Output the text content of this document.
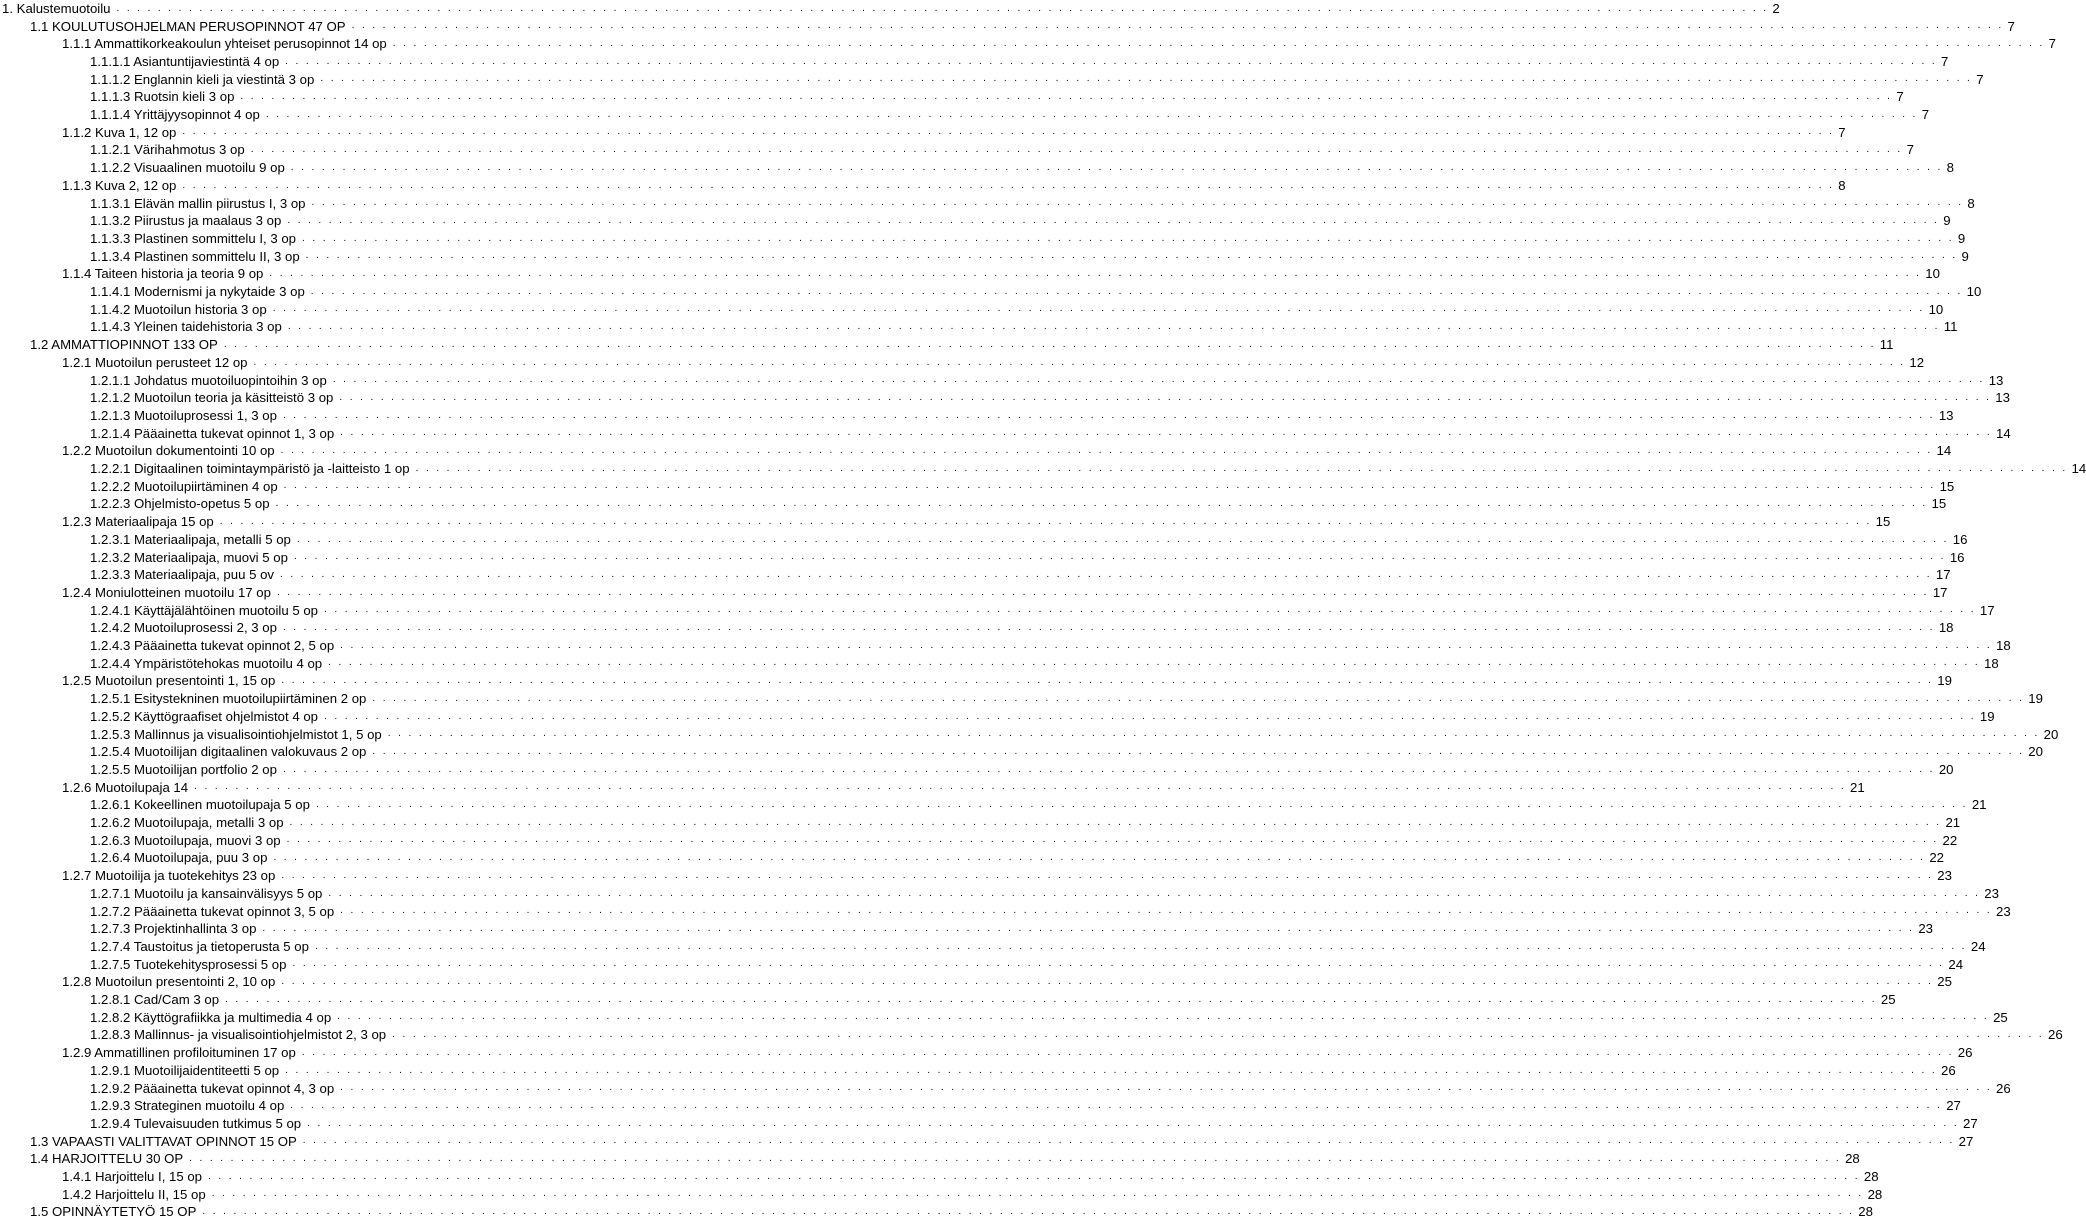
1. Kalustemuotoilu . . . . . . . . . . . . . . . . . . . . . . . . . . . . . . . . . . . . . . . . . . . . . . . . . . . . . . . . . . . . . . . . . . . . . . . . . . . . . . . . . . . . . . . . . . . . . . . . . . . . . . . . . . . . . . . . . . . . . . . . . . . . . . . . . . . . . . . . . . . . . . . . . . . . . . . . . . . . . . . . 2
1.1 KOULUTUSOHJELMAN PERUSOPINNOT 47 OP . . . . . . . . . . . . . . . . . . . . . . . . . . . . . . . . . . . . . . . . . . . . . . . . . . . . . . . . . . . . . . . . . . . . . . . . . . . . . . . . . . . . . . . . . . . . . . . . . . . . . . . . . . . . . . . . . . . . . . . . . . . . . . . . . . . . . . . . . . . . . . . . . . . . . . . . . . . . . . . . 7
1.1.1 Ammattikorkeakoulun yhteiset perusopinnot 14 op . . . . . . . . . . . . . . . . . . . . . . . . . . . . . . . . . . . . . . . . . . . . . . . . . . . . . . . . . . . . . . . . . . . . . . . . . . . . . . . . . . . . . . . . . . . . . . . . . . . . . . . . . . . . . . . . . . . . . . . . . . . . . . . . . . . . . . . . . . . . . . . . . . . . . . . . . . . . . . . . 7
1.1.1.1 Asiantuntijaviestintä 4 op . . . . . . . . . . . . . . . . . . . . . . . . . . . . . . . . . . . . . . . . . . . . . . . . . . . . . . . . . . . . . . . . . . . . . . . . . . . . . . . . . . . . . . . . . . . . . . . . . . . . . . . . . . . . . . . . . . . . . . . . . . . . . . . . . . . . . . . . . . . . . . . . . . . . . . . . . . . . . . . . 7
1.1.1.2 Englannin kieli ja viestintä 3 op . . . . . . . . . . . . . . . . . . . . . . . . . . . . . . . . . . . . . . . . . . . . . . . . . . . . . . . . . . . . . . . . . . . . . . . . . . . . . . . . . . . . . . . . . . . . . . . . . . . . . . . . . . . . . . . . . . . . . . . . . . . . . . . . . . . . . . . . . . . . . . . . . . . . . . . . . . . . . . . . 7
1.1.1.3 Ruotsin kieli 3 op . . . . . . . . . . . . . . . . . . . . . . . . . . . . . . . . . . . . . . . . . . . . . . . . . . . . . . . . . . . . . . . . . . . . . . . . . . . . . . . . . . . . . . . . . . . . . . . . . . . . . . . . . . . . . . . . . . . . . . . . . . . . . . . . . . . . . . . . . . . . . . . . . . . . . . . . . . . . . . . . 7
1.1.1.4 Yrittäjyysopinnot 4 op . . . . . . . . . . . . . . . . . . . . . . . . . . . . . . . . . . . . . . . . . . . . . . . . . . . . . . . . . . . . . . . . . . . . . . . . . . . . . . . . . . . . . . . . . . . . . . . . . . . . . . . . . . . . . . . . . . . . . . . . . . . . . . . . . . . . . . . . . . . . . . . . . . . . . . . . . . . . . . . . 7
1.1.2 Kuva 1, 12 op . . . . . . . . . . . . . . . . . . . . . . . . . . . . . . . . . . . . . . . . . . . . . . . . . . . . . . . . . . . . . . . . . . . . . . . . . . . . . . . . . . . . . . . . . . . . . . . . . . . . . . . . . . . . . . . . . . . . . . . . . . . . . . . . . . . . . . . . . . . . . . . . . . . . . . . . . . . . . . . . 7
1.1.2.1 Värihahmotus 3 op . . . . . . . . . . . . . . . . . . . . . . . . . . . . . . . . . . . . . . . . . . . . . . . . . . . . . . . . . . . . . . . . . . . . . . . . . . . . . . . . . . . . . . . . . . . . . . . . . . . . . . . . . . . . . . . . . . . . . . . . . . . . . . . . . . . . . . . . . . . . . . . . . . . . . . . . . . . . . . . . 7
1.1.2.2 Visuaalinen muotoilu 9 op . . . . . . . . . . . . . . . . . . . . . . . . . . . . . . . . . . . . . . . . . . . . . . . . . . . . . . . . . . . . . . . . . . . . . . . . . . . . . . . . . . . . . . . . . . . . . . . . . . . . . . . . . . . . . . . . . . . . . . . . . . . . . . . . . . . . . . . . . . . . . . . . . . . . . . . . . . . . . . . . 8
1.1.3 Kuva 2, 12 op . . . . . . . . . . . . . . . . . . . . . . . . . . . . . . . . . . . . . . . . . . . . . . . . . . . . . . . . . . . . . . . . . . . . . . . . . . . . . . . . . . . . . . . . . . . . . . . . . . . . . . . . . . . . . . . . . . . . . . . . . . . . . . . . . . . . . . . . . . . . . . . . . . . . . . . . . . . . . . . . 8
1.1.3.1 Elävän mallin piirustus I, 3 op . . . . . . . . . . . . . . . . . . . . . . . . . . . . . . . . . . . . . . . . . . . . . . . . . . . . . . . . . . . . . . . . . . . . . . . . . . . . . . . . . . . . . . . . . . . . . . . . . . . . . . . . . . . . . . . . . . . . . . . . . . . . . . . . . . . . . . . . . . . . . . . . . . . . . . . . . . . . . . . . 8
1.1.3.2 Piirustus ja maalaus 3 op . . . . . . . . . . . . . . . . . . . . . . . . . . . . . . . . . . . . . . . . . . . . . . . . . . . . . . . . . . . . . . . . . . . . . . . . . . . . . . . . . . . . . . . . . . . . . . . . . . . . . . . . . . . . . . . . . . . . . . . . . . . . . . . . . . . . . . . . . . . . . . . . . . . . . . . . . . . . . . . . 9
1.1.3.3 Plastinen sommittelu I, 3 op . . . . . . . . . . . . . . . . . . . . . . . . . . . . . . . . . . . . . . . . . . . . . . . . . . . . . . . . . . . . . . . . . . . . . . . . . . . . . . . . . . . . . . . . . . . . . . . . . . . . . . . . . . . . . . . . . . . . . . . . . . . . . . . . . . . . . . . . . . . . . . . . . . . . . . . . . . . . . . . . 9
1.1.3.4 Plastinen sommittelu II, 3 op . . . . . . . . . . . . . . . . . . . . . . . . . . . . . . . . . . . . . . . . . . . . . . . . . . . . . . . . . . . . . . . . . . . . . . . . . . . . . . . . . . . . . . . . . . . . . . . . . . . . . . . . . . . . . . . . . . . . . . . . . . . . . . . . . . . . . . . . . . . . . . . . . . . . . . . . . . . . . . . . 9
1.1.4 Taiteen historia ja teoria 9 op . . . . . . . . . . . . . . . . . . . . . . . . . . . . . . . . . . . . . . . . . . . . . . . . . . . . . . . . . . . . . . . . . . . . . . . . . . . . . . . . . . . . . . . . . . . . . . . . . . . . . . . . . . . . . . . . . . . . . . . . . . . . . . . . . . . . . . . . . . . . . . . . . . . . . . . . . . . . . . . . 10
1.1.4.1 Modernismi ja nykytaide 3 op . . . . . . . . . . . . . . . . . . . . . . . . . . . . . . . . . . . . . . . . . . . . . . . . . . . . . . . . . . . . . . . . . . . . . . . . . . . . . . . . . . . . . . . . . . . . . . . . . . . . . . . . . . . . . . . . . . . . . . . . . . . . . . . . . . . . . . . . . . . . . . . . . . . . . . . . . . . . . . . . 10
1.1.4.2 Muotoilun historia 3 op . . . . . . . . . . . . . . . . . . . . . . . . . . . . . . . . . . . . . . . . . . . . . . . . . . . . . . . . . . . . . . . . . . . . . . . . . . . . . . . . . . . . . . . . . . . . . . . . . . . . . . . . . . . . . . . . . . . . . . . . . . . . . . . . . . . . . . . . . . . . . . . . . . . . . . . . . . . . . . . . 10
1.1.4.3 Yleinen taidehistoria 3 op . . . . . . . . . . . . . . . . . . . . . . . . . . . . . . . . . . . . . . . . . . . . . . . . . . . . . . . . . . . . . . . . . . . . . . . . . . . . . . . . . . . . . . . . . . . . . . . . . . . . . . . . . . . . . . . . . . . . . . . . . . . . . . . . . . . . . . . . . . . . . . . . . . . . . . . . . . . . . . . . 11
1.2 AMMATTIOPINNOT 133 OP . . . . . . . . . . . . . . . . . . . . . . . . . . . . . . . . . . . . . . . . . . . . . . . . . . . . . . . . . . . . . . . . . . . . . . . . . . . . . . . . . . . . . . . . . . . . . . . . . . . . . . . . . . . . . . . . . . . . . . . . . . . . . . . . . . . . . . . . . . . . . . . . . . . . . . . . . . . . . . . . 11
1.2.1 Muotoilun perusteet 12 op . . . . . . . . . . . . . . . . . . . . . . . . . . . . . . . . . . . . . . . . . . . . . . . . . . . . . . . . . . . . . . . . . . . . . . . . . . . . . . . . . . . . . . . . . . . . . . . . . . . . . . . . . . . . . . . . . . . . . . . . . . . . . . . . . . . . . . . . . . . . . . . . . . . . . . . . . . . . . . . . 12
1.2.1.1 Johdatus muotoiluopintoihin 3 op . . . . . . . . . . . . . . . . . . . . . . . . . . . . . . . . . . . . . . . . . . . . . . . . . . . . . . . . . . . . . . . . . . . . . . . . . . . . . . . . . . . . . . . . . . . . . . . . . . . . . . . . . . . . . . . . . . . . . . . . . . . . . . . . . . . . . . . . . . . . . . . . . . . . . . . . . . . . . . . . 13
1.2.1.2 Muotoilun teoria ja käsitteistö 3 op . . . . . . . . . . . . . . . . . . . . . . . . . . . . . . . . . . . . . . . . . . . . . . . . . . . . . . . . . . . . . . . . . . . . . . . . . . . . . . . . . . . . . . . . . . . . . . . . . . . . . . . . . . . . . . . . . . . . . . . . . . . . . . . . . . . . . . . . . . . . . . . . . . . . . . . . . . . . . . . . 13
1.2.1.3 Muotoiluprosessi 1, 3 op . . . . . . . . . . . . . . . . . . . . . . . . . . . . . . . . . . . . . . . . . . . . . . . . . . . . . . . . . . . . . . . . . . . . . . . . . . . . . . . . . . . . . . . . . . . . . . . . . . . . . . . . . . . . . . . . . . . . . . . . . . . . . . . . . . . . . . . . . . . . . . . . . . . . . . . . . . . . . . . . 13
1.2.1.4 Pääainetta tukevat opinnot 1, 3 op . . . . . . . . . . . . . . . . . . . . . . . . . . . . . . . . . . . . . . . . . . . . . . . . . . . . . . . . . . . . . . . . . . . . . . . . . . . . . . . . . . . . . . . . . . . . . . . . . . . . . . . . . . . . . . . . . . . . . . . . . . . . . . . . . . . . . . . . . . . . . . . . . . . . . . . . . . . . . . . . 14
1.2.2 Muotoilun dokumentointi 10 op . . . . . . . . . . . . . . . . . . . . . . . . . . . . . . . . . . . . . . . . . . . . . . . . . . . . . . . . . . . . . . . . . . . . . . . . . . . . . . . . . . . . . . . . . . . . . . . . . . . . . . . . . . . . . . . . . . . . . . . . . . . . . . . . . . . . . . . . . . . . . . . . . . . . . . . . . . . . . . . . 14
1.2.2.1 Digitaalinen toimintaympäristö ja -laitteisto 1 op . . . . . . . . . . . . . . . . . . . . . . . . . . . . . . . . . . . . . . . . . . . . . . . . . . . . . . . . . . . . . . . . . . . . . . . . . . . . . . . . . . . . . . . . . . . . . . . . . . . . . . . . . . . . . . . . . . . . . . . . . . . . . . . . . . . . . . . . . . . . . . . . . . . . . . . . . . . . . . . . 14
1.2.2.2 Muotoilupiirtäminen 4 op . . . . . . . . . . . . . . . . . . . . . . . . . . . . . . . . . . . . . . . . . . . . . . . . . . . . . . . . . . . . . . . . . . . . . . . . . . . . . . . . . . . . . . . . . . . . . . . . . . . . . . . . . . . . . . . . . . . . . . . . . . . . . . . . . . . . . . . . . . . . . . . . . . . . . . . . . . . . . . . . 15
1.2.2.3 Ohjelmisto-opetus 5 op . . . . . . . . . . . . . . . . . . . . . . . . . . . . . . . . . . . . . . . . . . . . . . . . . . . . . . . . . . . . . . . . . . . . . . . . . . . . . . . . . . . . . . . . . . . . . . . . . . . . . . . . . . . . . . . . . . . . . . . . . . . . . . . . . . . . . . . . . . . . . . . . . . . . . . . . . . . . . . . . 15
1.2.3 Materiaalipaja 15 op . . . . . . . . . . . . . . . . . . . . . . . . . . . . . . . . . . . . . . . . . . . . . . . . . . . . . . . . . . . . . . . . . . . . . . . . . . . . . . . . . . . . . . . . . . . . . . . . . . . . . . . . . . . . . . . . . . . . . . . . . . . . . . . . . . . . . . . . . . . . . . . . . . . . . . . . . . . . . . . . 15
1.2.3.1 Materiaalipaja, metalli 5 op . . . . . . . . . . . . . . . . . . . . . . . . . . . . . . . . . . . . . . . . . . . . . . . . . . . . . . . . . . . . . . . . . . . . . . . . . . . . . . . . . . . . . . . . . . . . . . . . . . . . . . . . . . . . . . . . . . . . . . . . . . . . . . . . . . . . . . . . . . . . . . . . . . . . . . . . . . . . . . . . 16
1.2.3.2 Materiaalipaja, muovi 5 op . . . . . . . . . . . . . . . . . . . . . . . . . . . . . . . . . . . . . . . . . . . . . . . . . . . . . . . . . . . . . . . . . . . . . . . . . . . . . . . . . . . . . . . . . . . . . . . . . . . . . . . . . . . . . . . . . . . . . . . . . . . . . . . . . . . . . . . . . . . . . . . . . . . . . . . . . . . . . . . . 16
1.2.3.3 Materiaalipaja, puu 5 ov . . . . . . . . . . . . . . . . . . . . . . . . . . . . . . . . . . . . . . . . . . . . . . . . . . . . . . . . . . . . . . . . . . . . . . . . . . . . . . . . . . . . . . . . . . . . . . . . . . . . . . . . . . . . . . . . . . . . . . . . . . . . . . . . . . . . . . . . . . . . . . . . . . . . . . . . . . . . . . . . 17
1.2.4 Moniulotteinen muotoilu 17 op . . . . . . . . . . . . . . . . . . . . . . . . . . . . . . . . . . . . . . . . . . . . . . . . . . . . . . . . . . . . . . . . . . . . . . . . . . . . . . . . . . . . . . . . . . . . . . . . . . . . . . . . . . . . . . . . . . . . . . . . . . . . . . . . . . . . . . . . . . . . . . . . . . . . . . . . . . . . . . . . 17
1.2.4.1 Käyttäjälähtöinen muotoilu 5 op . . . . . . . . . . . . . . . . . . . . . . . . . . . . . . . . . . . . . . . . . . . . . . . . . . . . . . . . . . . . . . . . . . . . . . . . . . . . . . . . . . . . . . . . . . . . . . . . . . . . . . . . . . . . . . . . . . . . . . . . . . . . . . . . . . . . . . . . . . . . . . . . . . . . . . . . . . . . . . . . 17
1.2.4.2 Muotoiluprosessi 2, 3 op . . . . . . . . . . . . . . . . . . . . . . . . . . . . . . . . . . . . . . . . . . . . . . . . . . . . . . . . . . . . . . . . . . . . . . . . . . . . . . . . . . . . . . . . . . . . . . . . . . . . . . . . . . . . . . . . . . . . . . . . . . . . . . . . . . . . . . . . . . . . . . . . . . . . . . . . . . . . . . . . 18
1.2.4.3 Pääainetta tukevat opinnot 2, 5 op . . . . . . . . . . . . . . . . . . . . . . . . . . . . . . . . . . . . . . . . . . . . . . . . . . . . . . . . . . . . . . . . . . . . . . . . . . . . . . . . . . . . . . . . . . . . . . . . . . . . . . . . . . . . . . . . . . . . . . . . . . . . . . . . . . . . . . . . . . . . . . . . . . . . . . . . . . . . . . . . 18
1.2.4.4 Ympäristötehokas muotoilu 4 op . . . . . . . . . . . . . . . . . . . . . . . . . . . . . . . . . . . . . . . . . . . . . . . . . . . . . . . . . . . . . . . . . . . . . . . . . . . . . . . . . . . . . . . . . . . . . . . . . . . . . . . . . . . . . . . . . . . . . . . . . . . . . . . . . . . . . . . . . . . . . . . . . . . . . . . . . . . . . . . . 18
1.2.5 Muotoilun presentointi 1, 15 op . . . . . . . . . . . . . . . . . . . . . . . . . . . . . . . . . . . . . . . . . . . . . . . . . . . . . . . . . . . . . . . . . . . . . . . . . . . . . . . . . . . . . . . . . . . . . . . . . . . . . . . . . . . . . . . . . . . . . . . . . . . . . . . . . . . . . . . . . . . . . . . . . . . . . . . . . . . . . . . . 19
1.2.5.1 Esitystekninen muotoilupiirtäminen 2 op . . . . . . . . . . . . . . . . . . . . . . . . . . . . . . . . . . . . . . . . . . . . . . . . . . . . . . . . . . . . . . . . . . . . . . . . . . . . . . . . . . . . . . . . . . . . . . . . . . . . . . . . . . . . . . . . . . . . . . . . . . . . . . . . . . . . . . . . . . . . . . . . . . . . . . . . . . . . . . . . 19
1.2.5.2 Käyttögraafiset ohjelmistot 4 op . . . . . . . . . . . . . . . . . . . . . . . . . . . . . . . . . . . . . . . . . . . . . . . . . . . . . . . . . . . . . . . . . . . . . . . . . . . . . . . . . . . . . . . . . . . . . . . . . . . . . . . . . . . . . . . . . . . . . . . . . . . . . . . . . . . . . . . . . . . . . . . . . . . . . . . . . . . . . . . . 19
1.2.5.3 Mallinnus ja visualisointiohjelmistot 1, 5 op . . . . . . . . . . . . . . . . . . . . . . . . . . . . . . . . . . . . . . . . . . . . . . . . . . . . . . . . . . . . . . . . . . . . . . . . . . . . . . . . . . . . . . . . . . . . . . . . . . . . . . . . . . . . . . . . . . . . . . . . . . . . . . . . . . . . . . . . . . . . . . . . . . . . . . . . . . . . . . . . 20
1.2.5.4 Muotoilijan digitaalinen valokuvaus 2 op . . . . . . . . . . . . . . . . . . . . . . . . . . . . . . . . . . . . . . . . . . . . . . . . . . . . . . . . . . . . . . . . . . . . . . . . . . . . . . . . . . . . . . . . . . . . . . . . . . . . . . . . . . . . . . . . . . . . . . . . . . . . . . . . . . . . . . . . . . . . . . . . . . . . . . . . . . . . . . . . 20
1.2.5.5 Muotoilijan portfolio 2 op . . . . . . . . . . . . . . . . . . . . . . . . . . . . . . . . . . . . . . . . . . . . . . . . . . . . . . . . . . . . . . . . . . . . . . . . . . . . . . . . . . . . . . . . . . . . . . . . . . . . . . . . . . . . . . . . . . . . . . . . . . . . . . . . . . . . . . . . . . . . . . . . . . . . . . . . . . . . . . . . 20
1.2.6 Muotoilupaja 14 . . . . . . . . . . . . . . . . . . . . . . . . . . . . . . . . . . . . . . . . . . . . . . . . . . . . . . . . . . . . . . . . . . . . . . . . . . . . . . . . . . . . . . . . . . . . . . . . . . . . . . . . . . . . . . . . . . . . . . . . . . . . . . . . . . . . . . . . . . . . . . . . . . . . . . . . . . . . . . . . 21
1.2.6.1 Kokeellinen muotoilupaja 5 op . . . . . . . . . . . . . . . . . . . . . . . . . . . . . . . . . . . . . . . . . . . . . . . . . . . . . . . . . . . . . . . . . . . . . . . . . . . . . . . . . . . . . . . . . . . . . . . . . . . . . . . . . . . . . . . . . . . . . . . . . . . . . . . . . . . . . . . . . . . . . . . . . . . . . . . . . . . . . . . . 21
1.2.6.2 Muotoilupaja, metalli 3 op . . . . . . . . . . . . . . . . . . . . . . . . . . . . . . . . . . . . . . . . . . . . . . . . . . . . . . . . . . . . . . . . . . . . . . . . . . . . . . . . . . . . . . . . . . . . . . . . . . . . . . . . . . . . . . . . . . . . . . . . . . . . . . . . . . . . . . . . . . . . . . . . . . . . . . . . . . . . . . . . 21
1.2.6.3 Muotoilupaja, muovi 3 op . . . . . . . . . . . . . . . . . . . . . . . . . . . . . . . . . . . . . . . . . . . . . . . . . . . . . . . . . . . . . . . . . . . . . . . . . . . . . . . . . . . . . . . . . . . . . . . . . . . . . . . . . . . . . . . . . . . . . . . . . . . . . . . . . . . . . . . . . . . . . . . . . . . . . . . . . . . . . . . . 22
1.2.6.4 Muotoilupaja, puu 3 op . . . . . . . . . . . . . . . . . . . . . . . . . . . . . . . . . . . . . . . . . . . . . . . . . . . . . . . . . . . . . . . . . . . . . . . . . . . . . . . . . . . . . . . . . . . . . . . . . . . . . . . . . . . . . . . . . . . . . . . . . . . . . . . . . . . . . . . . . . . . . . . . . . . . . . . . . . . . . . . . 22
1.2.7 Muotoilija ja tuotekehitys 23 op . . . . . . . . . . . . . . . . . . . . . . . . . . . . . . . . . . . . . . . . . . . . . . . . . . . . . . . . . . . . . . . . . . . . . . . . . . . . . . . . . . . . . . . . . . . . . . . . . . . . . . . . . . . . . . . . . . . . . . . . . . . . . . . . . . . . . . . . . . . . . . . . . . . . . . . . . . . . . . . . 23
1.2.7.1 Muotoilu ja kansainvälisyys 5 op . . . . . . . . . . . . . . . . . . . . . . . . . . . . . . . . . . . . . . . . . . . . . . . . . . . . . . . . . . . . . . . . . . . . . . . . . . . . . . . . . . . . . . . . . . . . . . . . . . . . . . . . . . . . . . . . . . . . . . . . . . . . . . . . . . . . . . . . . . . . . . . . . . . . . . . . . . . . . . . . 23
1.2.7.2 Pääainetta tukevat opinnot 3, 5 op . . . . . . . . . . . . . . . . . . . . . . . . . . . . . . . . . . . . . . . . . . . . . . . . . . . . . . . . . . . . . . . . . . . . . . . . . . . . . . . . . . . . . . . . . . . . . . . . . . . . . . . . . . . . . . . . . . . . . . . . . . . . . . . . . . . . . . . . . . . . . . . . . . . . . . . . . . . . . . . . 23
1.2.7.3 Projektinhallinta 3 op . . . . . . . . . . . . . . . . . . . . . . . . . . . . . . . . . . . . . . . . . . . . . . . . . . . . . . . . . . . . . . . . . . . . . . . . . . . . . . . . . . . . . . . . . . . . . . . . . . . . . . . . . . . . . . . . . . . . . . . . . . . . . . . . . . . . . . . . . . . . . . . . . . . . . . . . . . . . . . . . 23
1.2.7.4 Taustoitus ja tietoperusta 5 op . . . . . . . . . . . . . . . . . . . . . . . . . . . . . . . . . . . . . . . . . . . . . . . . . . . . . . . . . . . . . . . . . . . . . . . . . . . . . . . . . . . . . . . . . . . . . . . . . . . . . . . . . . . . . . . . . . . . . . . . . . . . . . . . . . . . . . . . . . . . . . . . . . . . . . . . . . . . . . . . 24
1.2.7.5 Tuotekehitysprosessi 5 op . . . . . . . . . . . . . . . . . . . . . . . . . . . . . . . . . . . . . . . . . . . . . . . . . . . . . . . . . . . . . . . . . . . . . . . . . . . . . . . . . . . . . . . . . . . . . . . . . . . . . . . . . . . . . . . . . . . . . . . . . . . . . . . . . . . . . . . . . . . . . . . . . . . . . . . . . . . . . . . . 24
1.2.8 Muotoilun presentointi 2, 10 op . . . . . . . . . . . . . . . . . . . . . . . . . . . . . . . . . . . . . . . . . . . . . . . . . . . . . . . . . . . . . . . . . . . . . . . . . . . . . . . . . . . . . . . . . . . . . . . . . . . . . . . . . . . . . . . . . . . . . . . . . . . . . . . . . . . . . . . . . . . . . . . . . . . . . . . . . . . . . . . . 25
1.2.8.1 Cad/Cam 3 op . . . . . . . . . . . . . . . . . . . . . . . . . . . . . . . . . . . . . . . . . . . . . . . . . . . . . . . . . . . . . . . . . . . . . . . . . . . . . . . . . . . . . . . . . . . . . . . . . . . . . . . . . . . . . . . . . . . . . . . . . . . . . . . . . . . . . . . . . . . . . . . . . . . . . . . . . . . . . . . . 25
1.2.8.2 Käyttögrafiikka ja multimedia 4 op . . . . . . . . . . . . . . . . . . . . . . . . . . . . . . . . . . . . . . . . . . . . . . . . . . . . . . . . . . . . . . . . . . . . . . . . . . . . . . . . . . . . . . . . . . . . . . . . . . . . . . . . . . . . . . . . . . . . . . . . . . . . . . . . . . . . . . . . . . . . . . . . . . . . . . . . . . . . . . . . 25
1.2.8.3 Mallinnus- ja visualisointiohjelmistot 2, 3 op . . . . . . . . . . . . . . . . . . . . . . . . . . . . . . . . . . . . . . . . . . . . . . . . . . . . . . . . . . . . . . . . . . . . . . . . . . . . . . . . . . . . . . . . . . . . . . . . . . . . . . . . . . . . . . . . . . . . . . . . . . . . . . . . . . . . . . . . . . . . . . . . . . . . . . . . . . . . . . . . 26
1.2.9 Ammatillinen profiloituminen 17 op . . . . . . . . . . . . . . . . . . . . . . . . . . . . . . . . . . . . . . . . . . . . . . . . . . . . . . . . . . . . . . . . . . . . . . . . . . . . . . . . . . . . . . . . . . . . . . . . . . . . . . . . . . . . . . . . . . . . . . . . . . . . . . . . . . . . . . . . . . . . . . . . . . . . . . . . . . . . . . . . 26
1.2.9.1 Muotoilijaidentiteetti 5 op . . . . . . . . . . . . . . . . . . . . . . . . . . . . . . . . . . . . . . . . . . . . . . . . . . . . . . . . . . . . . . . . . . . . . . . . . . . . . . . . . . . . . . . . . . . . . . . . . . . . . . . . . . . . . . . . . . . . . . . . . . . . . . . . . . . . . . . . . . . . . . . . . . . . . . . . . . . . . . . . 26
1.2.9.2 Pääainetta tukevat opinnot 4, 3 op . . . . . . . . . . . . . . . . . . . . . . . . . . . . . . . . . . . . . . . . . . . . . . . . . . . . . . . . . . . . . . . . . . . . . . . . . . . . . . . . . . . . . . . . . . . . . . . . . . . . . . . . . . . . . . . . . . . . . . . . . . . . . . . . . . . . . . . . . . . . . . . . . . . . . . . . . . . . . . . . 26
1.2.9.3 Strateginen muotoilu 4 op . . . . . . . . . . . . . . . . . . . . . . . . . . . . . . . . . . . . . . . . . . . . . . . . . . . . . . . . . . . . . . . . . . . . . . . . . . . . . . . . . . . . . . . . . . . . . . . . . . . . . . . . . . . . . . . . . . . . . . . . . . . . . . . . . . . . . . . . . . . . . . . . . . . . . . . . . . . . . . . . 27
1.2.9.4 Tulevaisuuden tutkimus 5 op . . . . . . . . . . . . . . . . . . . . . . . . . . . . . . . . . . . . . . . . . . . . . . . . . . . . . . . . . . . . . . . . . . . . . . . . . . . . . . . . . . . . . . . . . . . . . . . . . . . . . . . . . . . . . . . . . . . . . . . . . . . . . . . . . . . . . . . . . . . . . . . . . . . . . . . . . . . . . . . . 27
1.3 VAPAASTI VALITTAVAT OPINNOT 15 OP . . . . . . . . . . . . . . . . . . . . . . . . . . . . . . . . . . . . . . . . . . . . . . . . . . . . . . . . . . . . . . . . . . . . . . . . . . . . . . . . . . . . . . . . . . . . . . . . . . . . . . . . . . . . . . . . . . . . . . . . . . . . . . . . . . . . . . . . . . . . . . . . . . . . . . . . . . . . . . . . 27
1.4 HARJOITTELU 30 OP . . . . . . . . . . . . . . . . . . . . . . . . . . . . . . . . . . . . . . . . . . . . . . . . . . . . . . . . . . . . . . . . . . . . . . . . . . . . . . . . . . . . . . . . . . . . . . . . . . . . . . . . . . . . . . . . . . . . . . . . . . . . . . . . . . . . . . . . . . . . . . . . . . . . . . . . . . . . . . . . 28
1.4.1 Harjoittelu I, 15 op . . . . . . . . . . . . . . . . . . . . . . . . . . . . . . . . . . . . . . . . . . . . . . . . . . . . . . . . . . . . . . . . . . . . . . . . . . . . . . . . . . . . . . . . . . . . . . . . . . . . . . . . . . . . . . . . . . . . . . . . . . . . . . . . . . . . . . . . . . . . . . . . . . . . . . . . . . . . . . . . 28
1.4.2 Harjoittelu II, 15 op . . . . . . . . . . . . . . . . . . . . . . . . . . . . . . . . . . . . . . . . . . . . . . . . . . . . . . . . . . . . . . . . . . . . . . . . . . . . . . . . . . . . . . . . . . . . . . . . . . . . . . . . . . . . . . . . . . . . . . . . . . . . . . . . . . . . . . . . . . . . . . . . . . . . . . . . . . . . . . . . 28
1.5 OPINNÄYTETYÖ 15 OP . . . . . . . . . . . . . . . . . . . . . . . . . . . . . . . . . . . . . . . . . . . . . . . . . . . . . . . . . . . . . . . . . . . . . . . . . . . . . . . . . . . . . . . . . . . . . . . . . . . . . . . . . . . . . . . . . . . . . . . . . . . . . . . . . . . . . . . . . . . . . . . . . . . . . . . . . . . . . . . . 28
